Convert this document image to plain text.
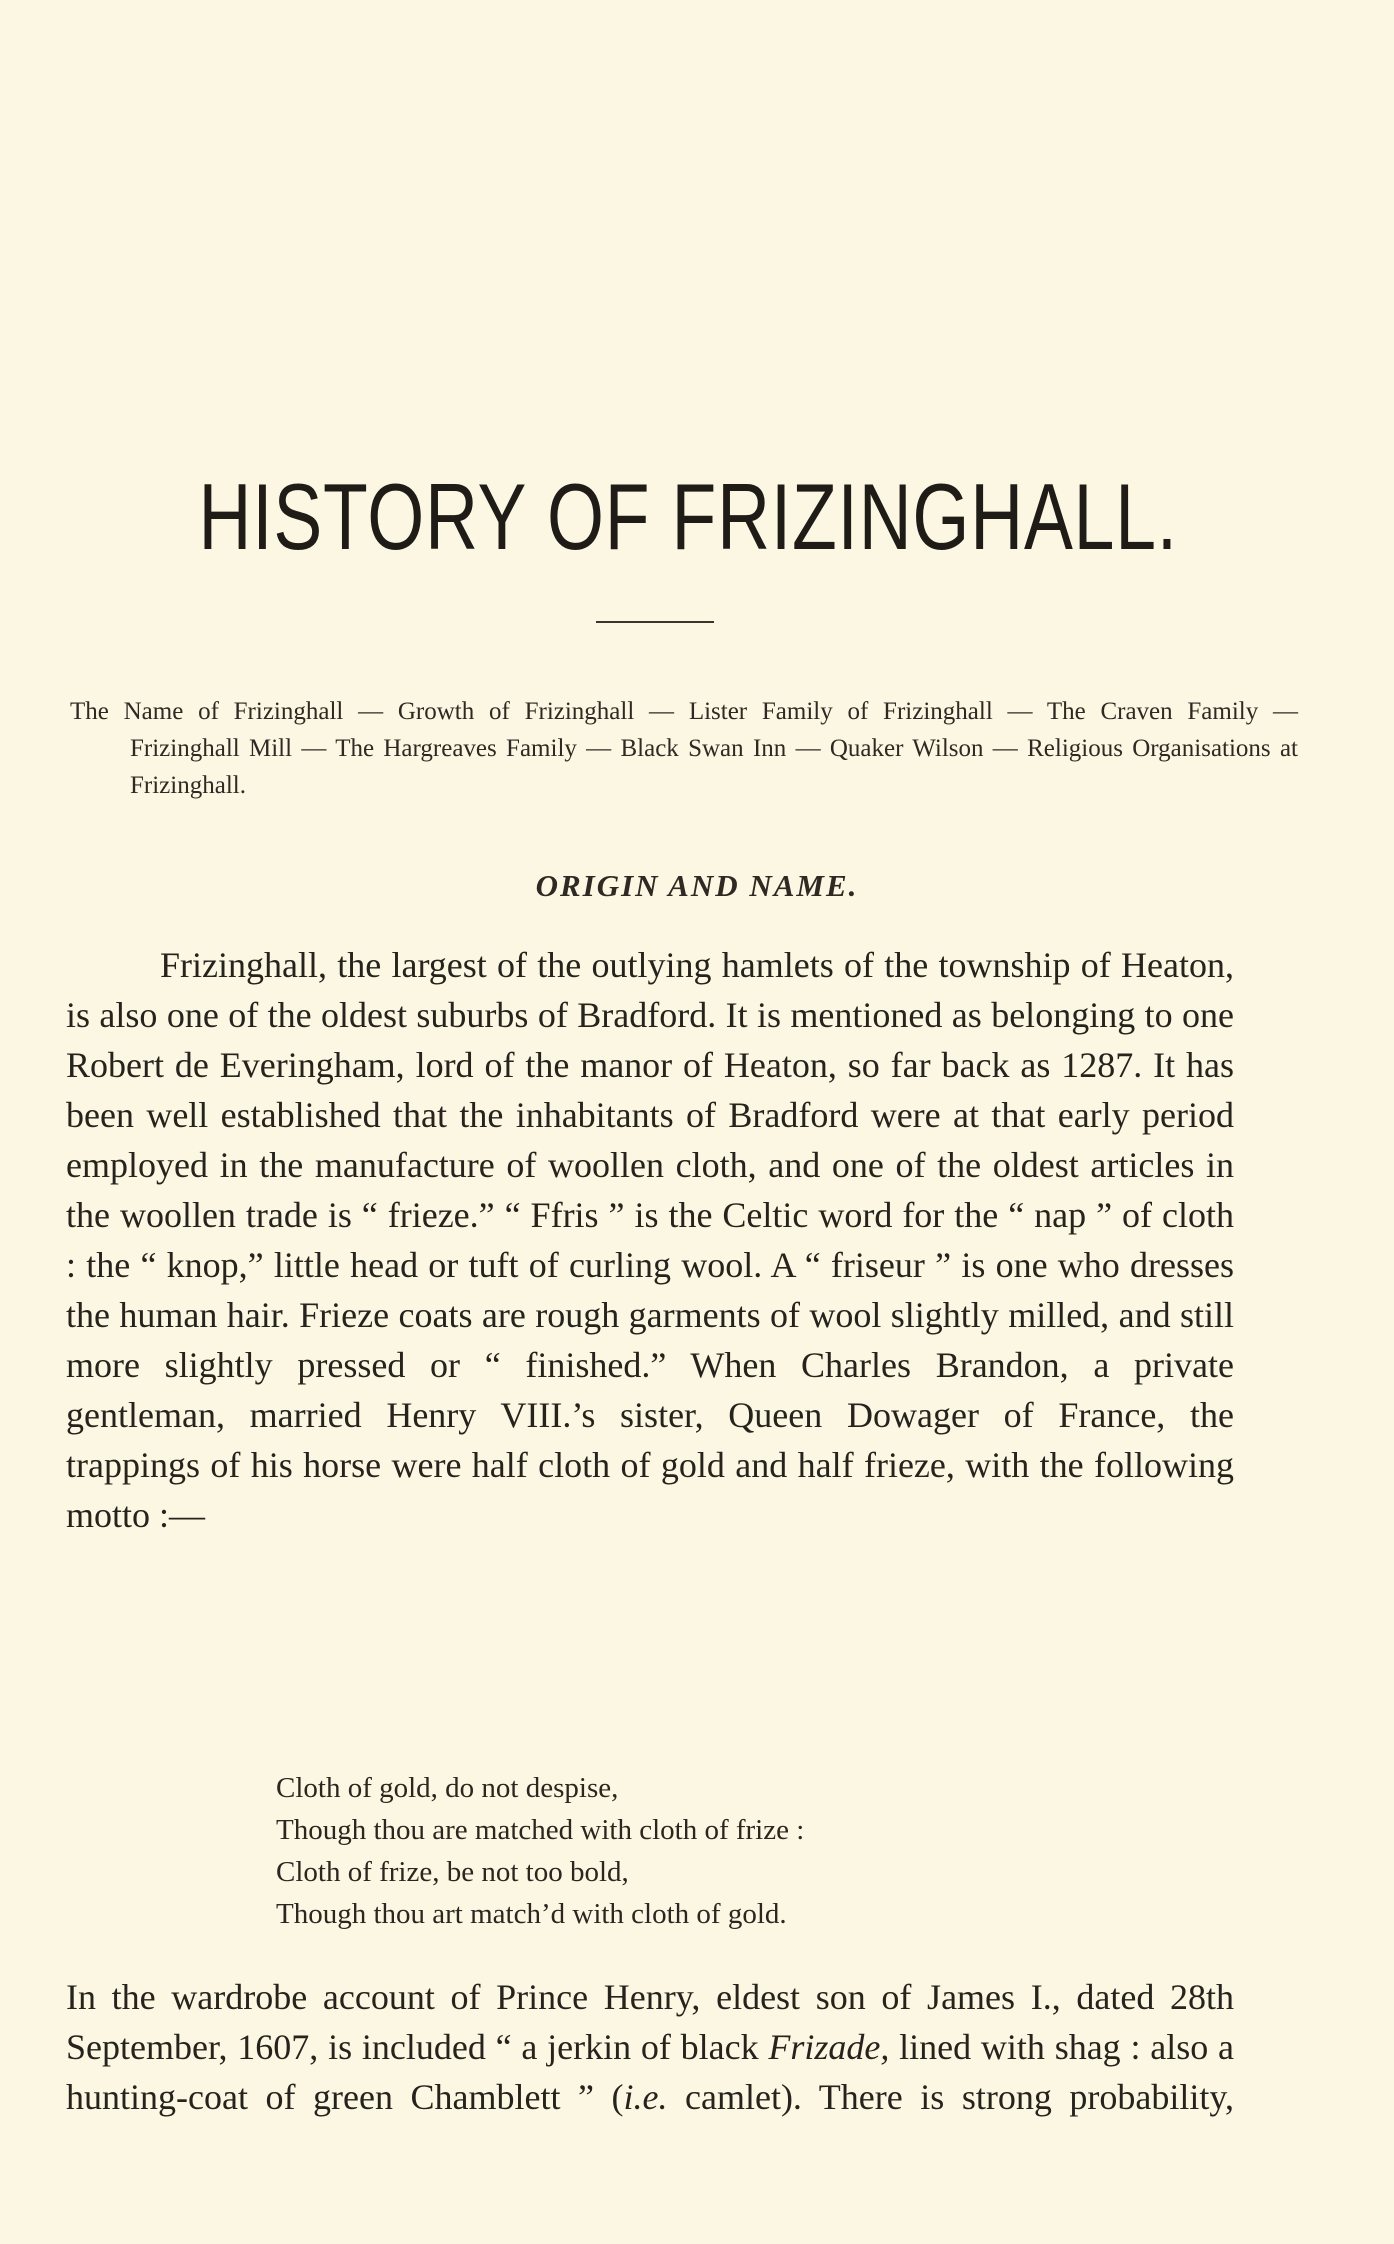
HISTORY OF FRIZINGHALL.
The Name of Frizinghall — Growth of Frizinghall — Lister Family of Frizinghall — The Craven Family — Frizinghall Mill — The Hargreaves Family — Black Swan Inn — Quaker Wilson — Religious Organisations at Frizinghall.
ORIGIN AND NAME.

Frizinghall, the largest of the outlying hamlets of the township of Heaton, is also one of the oldest suburbs of Bradford. It is mentioned as belonging to one Robert de Everingham, lord of the manor of Heaton, so far back as 1287. It has been well established that the inhabitants of Bradford were at that early period employed in the manufacture of woollen cloth, and one of the oldest articles in the woollen trade is “ frieze.” “ Ffris ” is the Celtic word for the “ nap ” of cloth : the “ knop,” little head or tuft of curling wool. A “ friseur ” is one who dresses the human hair. Frieze coats are rough garments of wool slightly milled, and still more slightly pressed or “ finished.” When Charles Brandon, a private gentleman, married Henry VIII.’s sister, Queen Dowager of France, the trappings of his horse were half cloth of gold and half frieze, with the following motto :—

Cloth of gold, do not despise,
Though thou are matched with cloth of frize :
Cloth of frize, be not too bold,
Though thou art match’d with cloth of gold.

In the wardrobe account of Prince Henry, eldest son of James I., dated 28th September, 1607, is included “ a jerkin of black Frizade, lined with shag : also a hunting-coat of green Chamblett ” (i.e. camlet). There is strong probability,
